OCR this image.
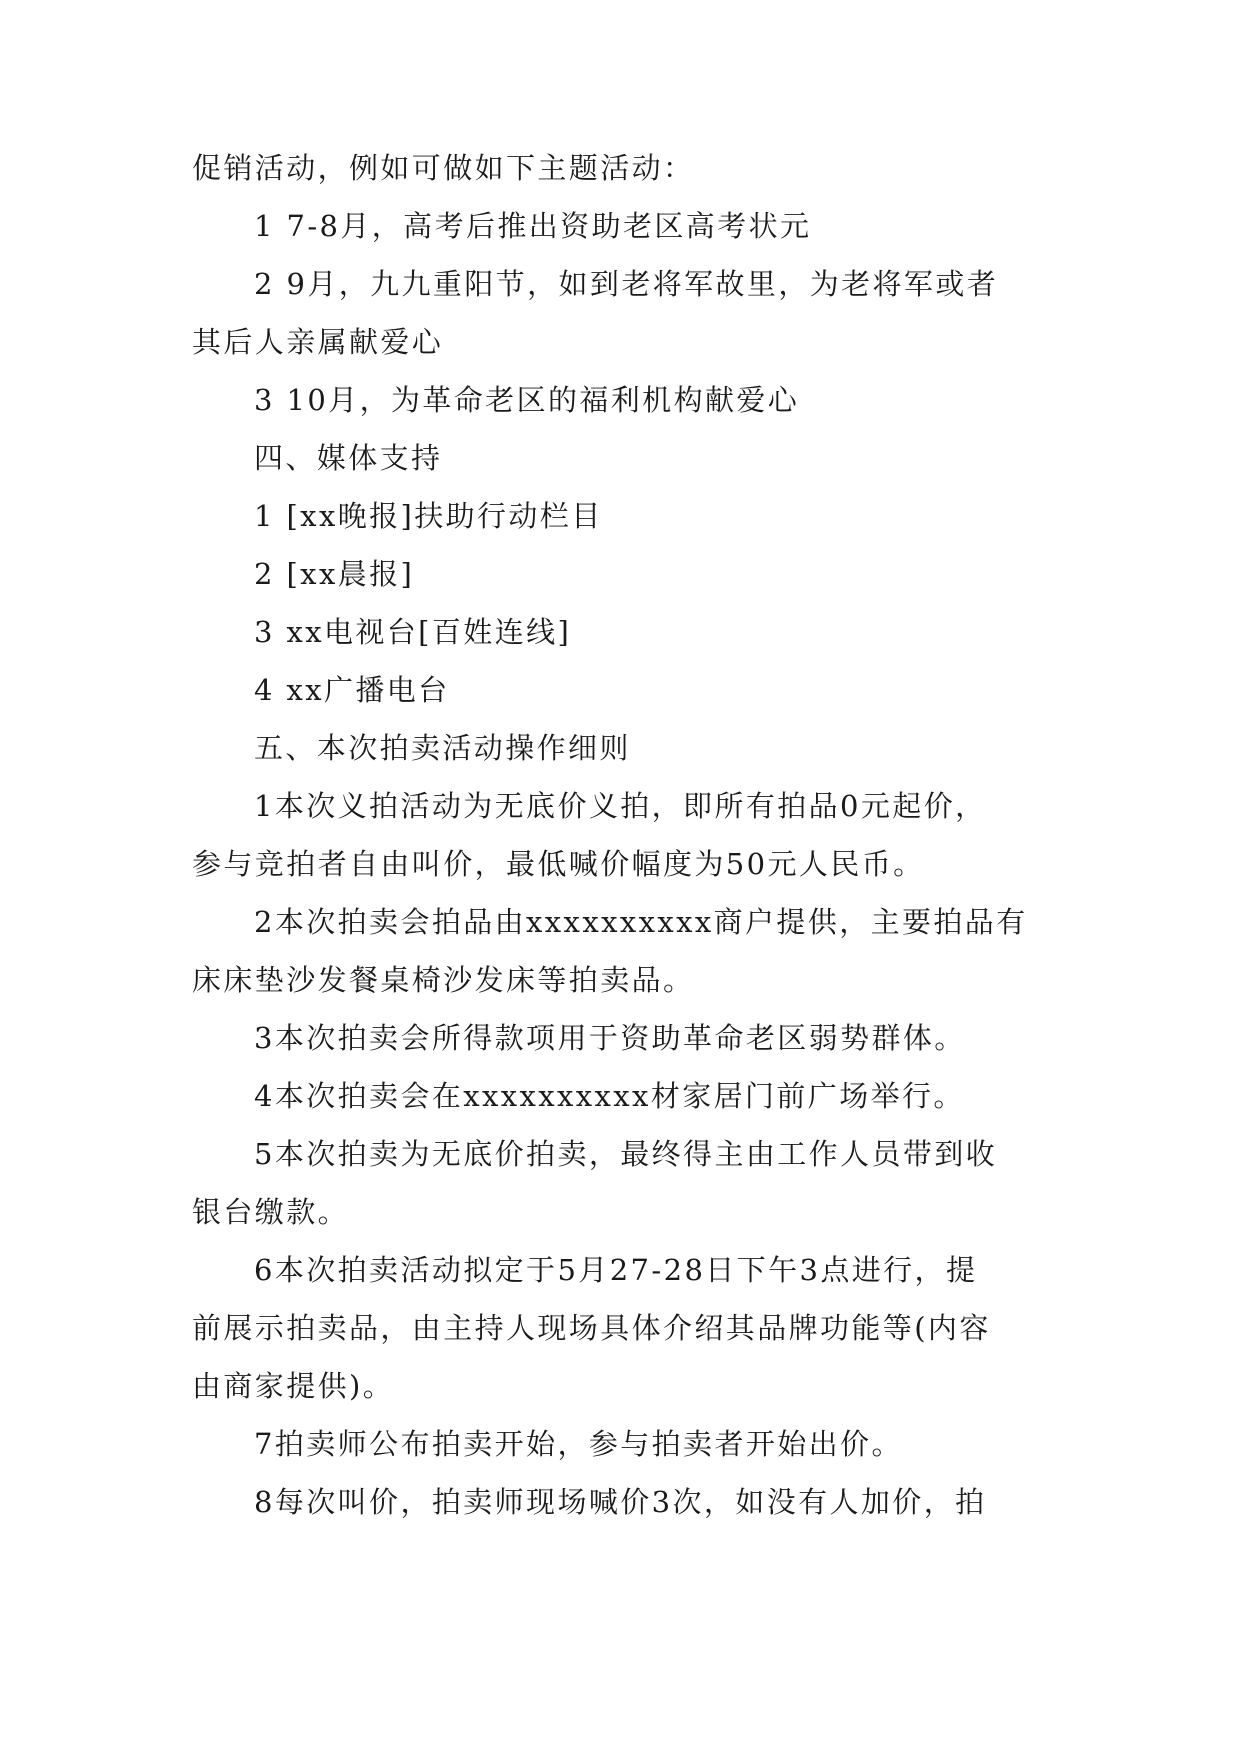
促销活动，例如可做如下主题活动：
1 7-8月，高考后推出资助老区高考状元
2 9月，九九重阳节，如到老将军故里，为老将军或者
其后人亲属献爱心
3 10月，为革命老区的福利机构献爱心
四、媒体支持
1 [xx晚报]扶助行动栏目
2 [xx晨报]
3 xx电视台[百姓连线]
4 xx广播电台
五、本次拍卖活动操作细则
1本次义拍活动为无底价义拍，即所有拍品0元起价，
参与竞拍者自由叫价，最低喊价幅度为50元人民币。
2本次拍卖会拍品由xxxxxxxxxx商户提供，主要拍品有
床床垫沙发餐桌椅沙发床等拍卖品。
3本次拍卖会所得款项用于资助革命老区弱势群体。
4本次拍卖会在xxxxxxxxxx材家居门前广场举行。
5本次拍卖为无底价拍卖，最终得主由工作人员带到收
银台缴款。
6本次拍卖活动拟定于5月27-28日下午3点进行，提
前展示拍卖品，由主持人现场具体介绍其品牌功能等(内容
由商家提供)。
7拍卖师公布拍卖开始，参与拍卖者开始出价。
8每次叫价，拍卖师现场喊价3次，如没有人加价，拍
